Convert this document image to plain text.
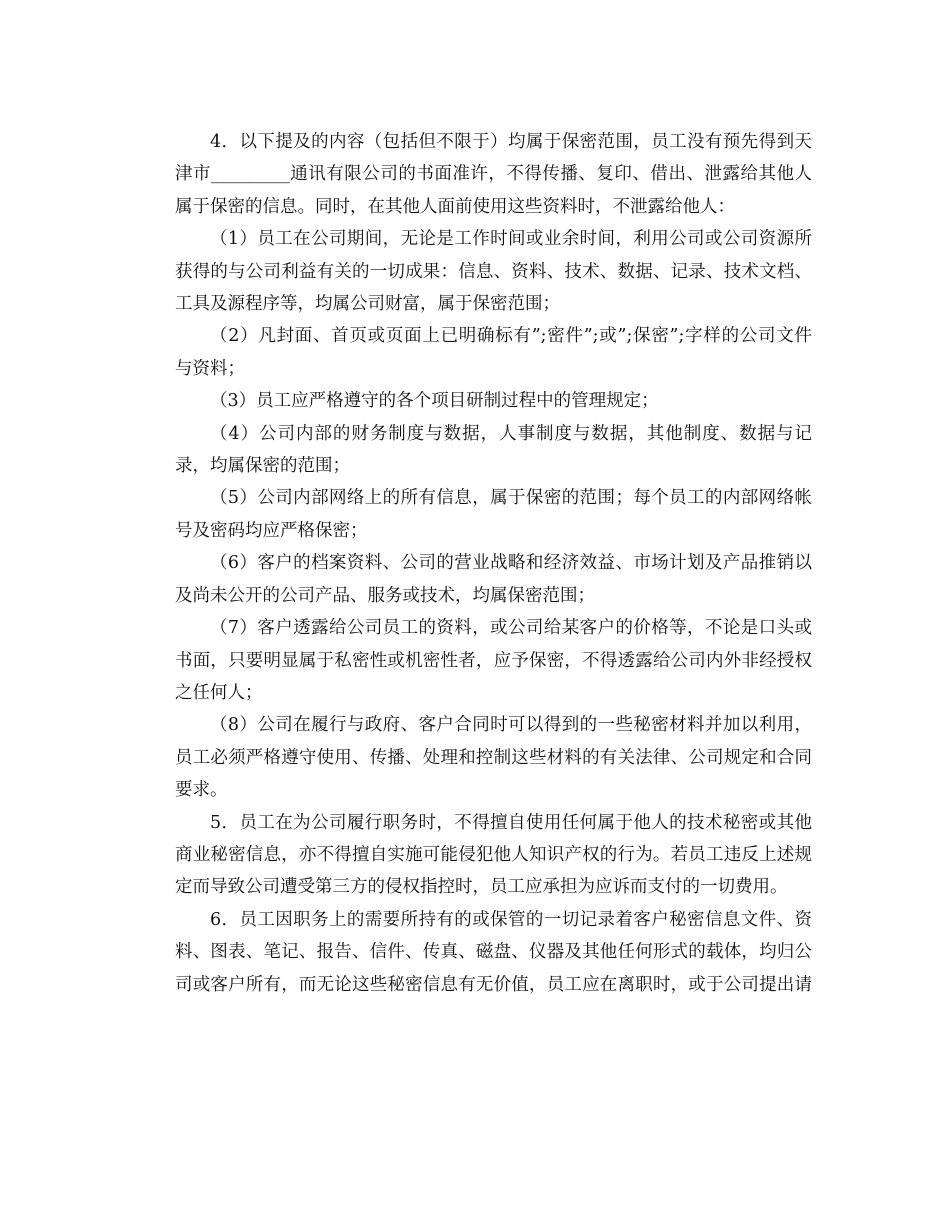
4．以下提及的内容（包括但不限于）均属于保密范围，员工没有预先得到天
津市_________通讯有限公司的书面准许，不得传播、复印、借出、泄露给其他人
属于保密的信息。同时，在其他人面前使用这些资料时，不泄露给他人：
（1）员工在公司期间，无论是工作时间或业余时间，利用公司或公司资源所
获得的与公司利益有关的一切成果：信息、资料、技术、数据、记录、技术文档、
工具及源程序等，均属公司财富，属于保密范围；
（2）凡封面、首页或页面上已明确标有”;密件”;或”;保密”;字样的公司文件
与资料；
（3）员工应严格遵守的各个项目研制过程中的管理规定；
（4）公司内部的财务制度与数据，人事制度与数据，其他制度、数据与记
录，均属保密的范围；
（5）公司内部网络上的所有信息，属于保密的范围；每个员工的内部网络帐
号及密码均应严格保密；
（6）客户的档案资料、公司的营业战略和经济效益、市场计划及产品推销以
及尚未公开的公司产品、服务或技术，均属保密范围；
（7）客户透露给公司员工的资料，或公司给某客户的价格等，不论是口头或
书面，只要明显属于私密性或机密性者，应予保密，不得透露给公司内外非经授权
之任何人；
（8）公司在履行与政府、客户合同时可以得到的一些秘密材料并加以利用，
员工必须严格遵守使用、传播、处理和控制这些材料的有关法律、公司规定和合同
要求。
5．员工在为公司履行职务时，不得擅自使用任何属于他人的技术秘密或其他
商业秘密信息，亦不得擅自实施可能侵犯他人知识产权的行为。若员工违反上述规
定而导致公司遭受第三方的侵权指控时，员工应承担为应诉而支付的一切费用。
6．员工因职务上的需要所持有的或保管的一切记录着客户秘密信息文件、资
料、图表、笔记、报告、信件、传真、磁盘、仪器及其他任何形式的载体，均归公
司或客户所有，而无论这些秘密信息有无价值，员工应在离职时，或于公司提出请
